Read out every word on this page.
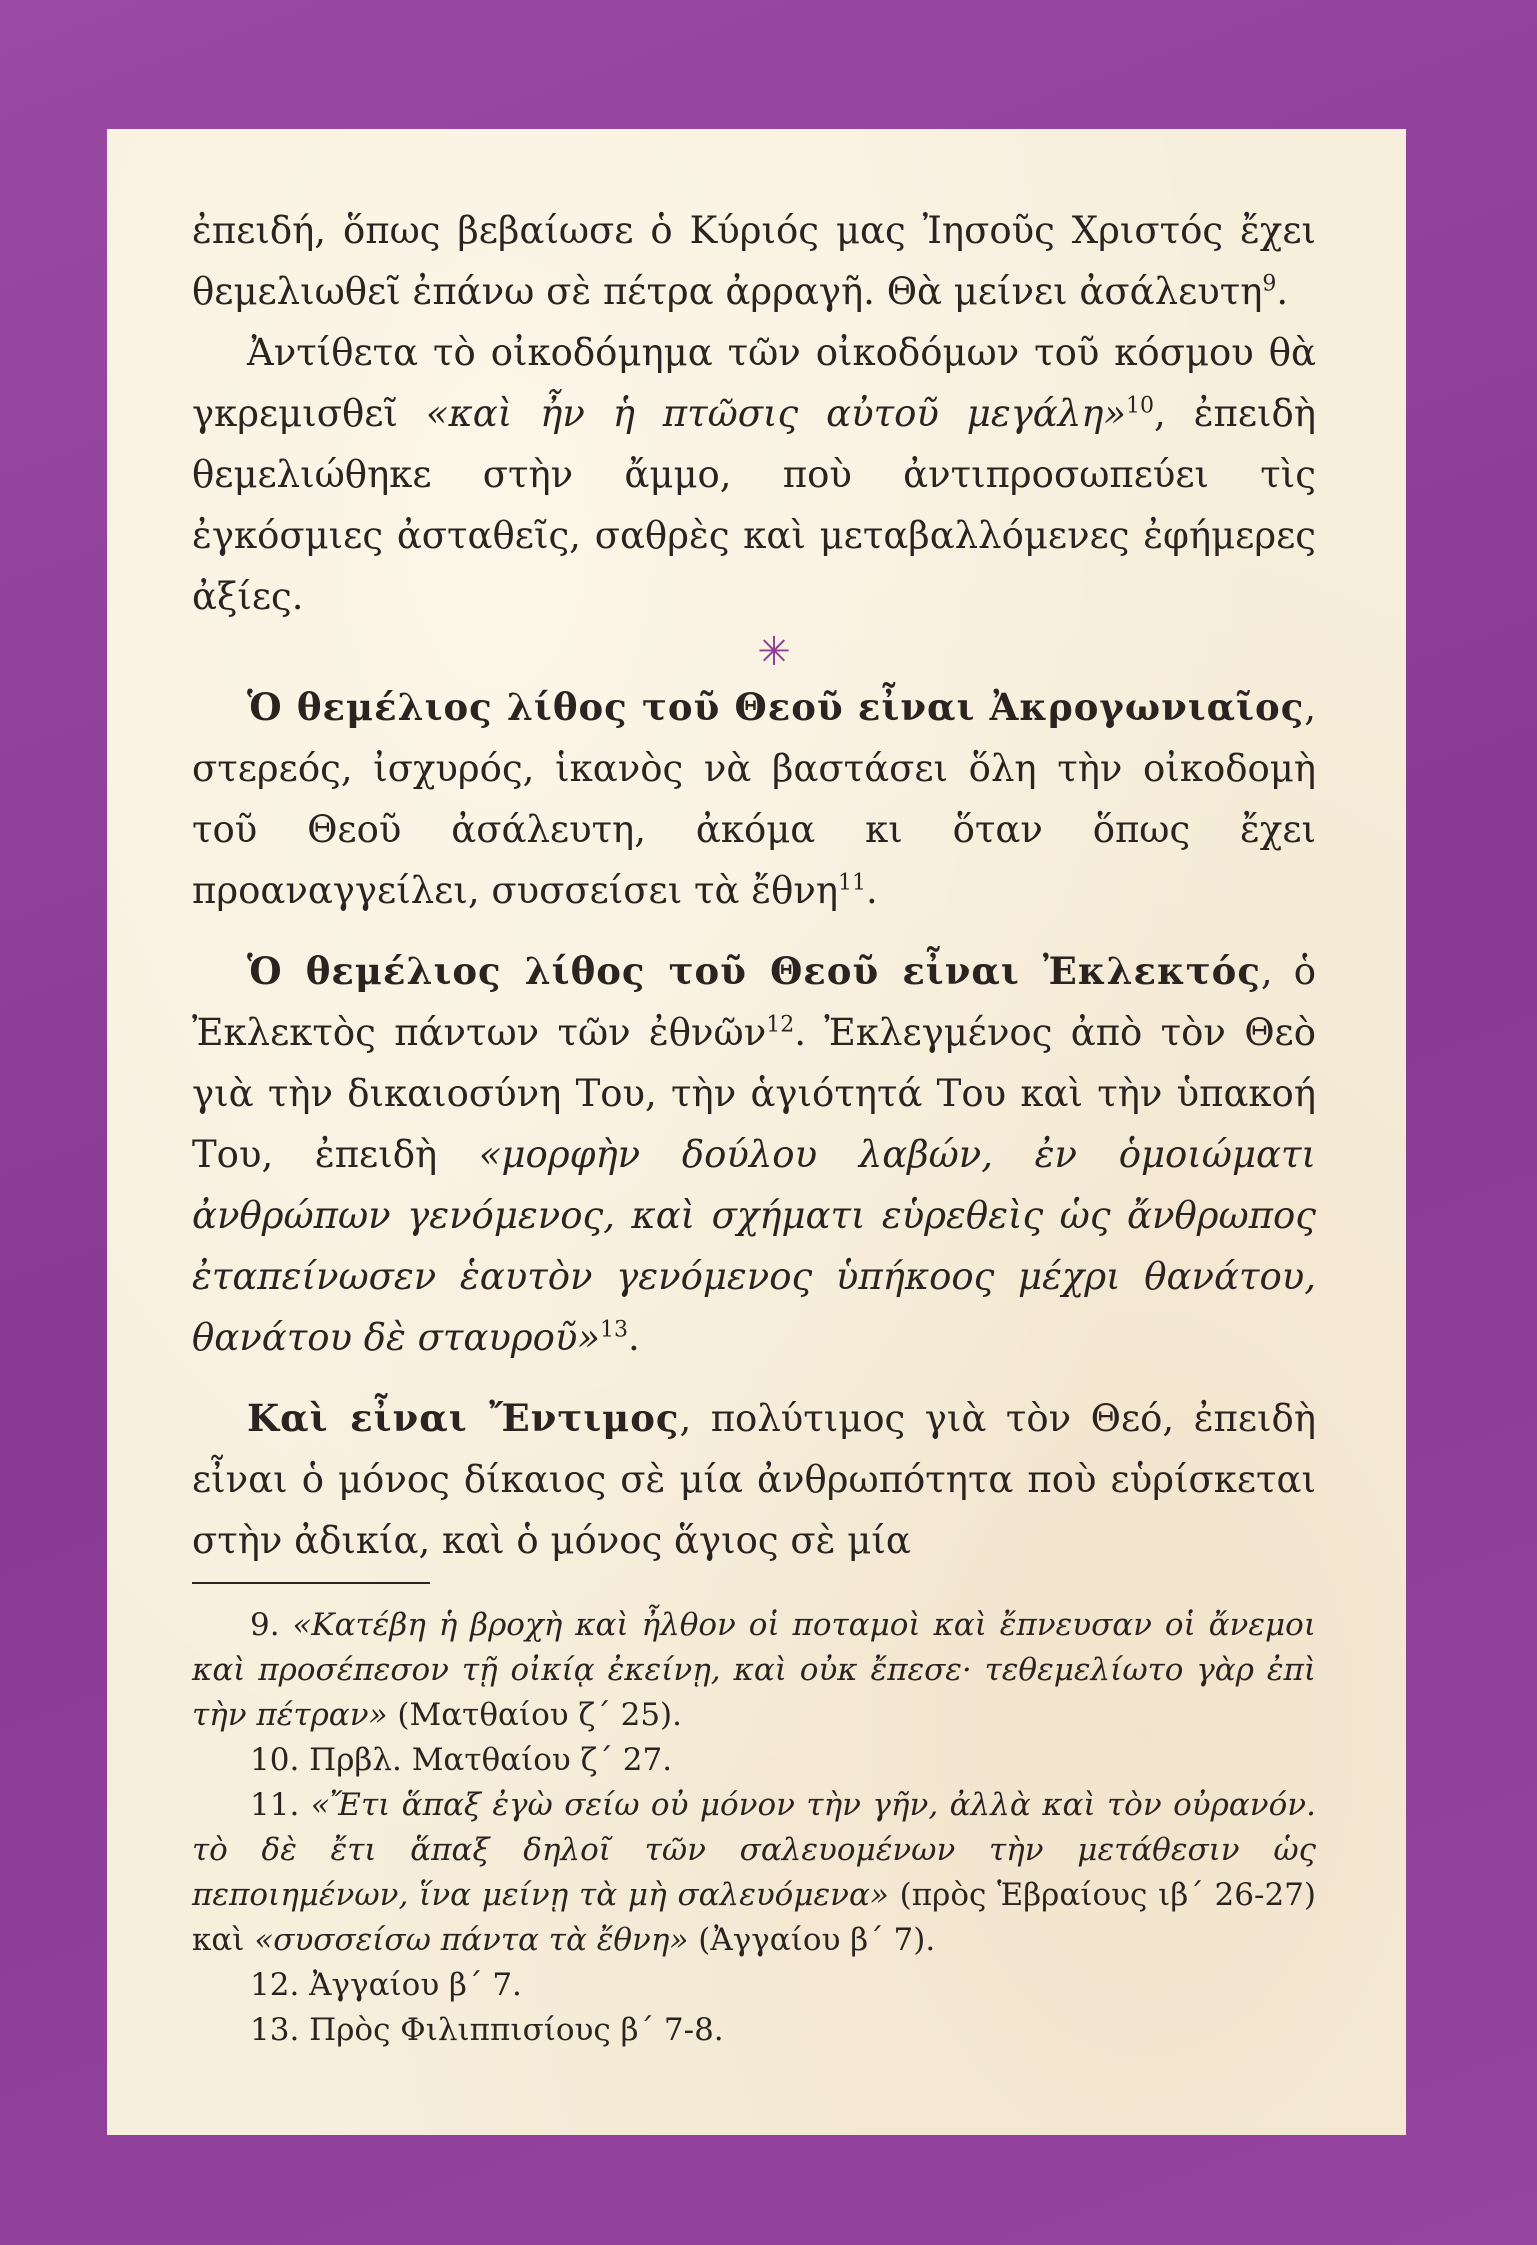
ἐπειδή, ὅπως βεβαίωσε ὁ Κύριός μας Ἰησοῦς Χριστός ἔχει θεμελιωθεῖ ἐπάνω σὲ πέτρα ἀρραγῆ. Θὰ μείνει ἀσάλευτη$^9$.

Ἀντίθετα τὸ οἰκοδόμημα τῶν οἰκοδόμων τοῦ κόσμου θὰ γκρεμισθεῖ «καὶ ἦν ἡ πτῶσις αὐτοῦ μεγάλη»$^{10}$, ἐπειδὴ θεμελιώθηκε στὴν ἄμμο, ποὺ ἀντιπροσωπεύει τὶς ἐγκόσμιες ἀσταθεῖς, σαθρὲς καὶ μεταβαλλόμενες ἐφήμερες ἀξίες.

✳

Ὁ θεμέλιος λίθος τοῦ Θεοῦ εἶναι Ἀκρογωνιαῖος, στερεός, ἰσχυρός, ἱκανὸς νὰ βαστάσει ὅλη τὴν οἰκοδομὴ τοῦ Θεοῦ ἀσάλευτη, ἀκόμα κι ὅταν ὅπως ἔχει προαναγγείλει, συσσείσει τὰ ἔθνη$^{11}$.

Ὁ θεμέλιος λίθος τοῦ Θεοῦ εἶναι Ἐκλεκτός, ὁ Ἐκλεκτὸς πάντων τῶν ἐθνῶν$^{12}$. Ἐκλεγμένος ἀπὸ τὸν Θεὸ γιὰ τὴν δικαιοσύνη Του, τὴν ἁγιότητά Του καὶ τὴν ὑπακοή Του, ἐπειδὴ «μορφὴν δούλου λαβών, ἐν ὁμοιώματι ἀνθρώπων γενόμενος, καὶ σχήματι εὑρεθεὶς ὡς ἄνθρωπος ἐταπείνωσεν ἑαυτὸν γενόμενος ὑπήκοος μέχρι θανάτου, θανάτου δὲ σταυροῦ»$^{13}$.

Καὶ εἶναι Ἔντιμος, πολύτιμος γιὰ τὸν Θεό, ἐπειδὴ εἶναι ὁ μόνος δίκαιος σὲ μία ἀνθρωπότητα ποὺ εὑρίσκεται στὴν ἀδικία, καὶ ὁ μόνος ἅγιος σὲ μία

9. «Κατέβη ἡ βροχὴ καὶ ἦλθον οἱ ποταμοὶ καὶ ἔπνευσαν οἱ ἄνεμοι καὶ προσέπεσον τῇ οἰκίᾳ ἐκείνῃ, καὶ οὐκ ἔπεσε· τεθεμελίωτο γὰρ ἐπὶ τὴν πέτραν» (Ματθαίου ζ΄ 25).

10. Πρβλ. Ματθαίου ζ΄ 27.

11. «Ἔτι ἅπαξ ἐγὼ σείω οὐ μόνον τὴν γῆν, ἀλλὰ καὶ τὸν οὐρανόν. τὸ δὲ ἔτι ἅπαξ δηλοῖ τῶν σαλευομένων τὴν μετάθεσιν ὡς πεποιημένων, ἵνα μείνῃ τὰ μὴ σαλευόμενα» (πρὸς Ἑβραίους ιβ΄ 26-27) καὶ «συσσείσω πάντα τὰ ἔθνη» (Ἀγγαίου β΄ 7).

12. Ἀγγαίου β΄ 7.

13. Πρὸς Φιλιππισίους β΄ 7-8.
